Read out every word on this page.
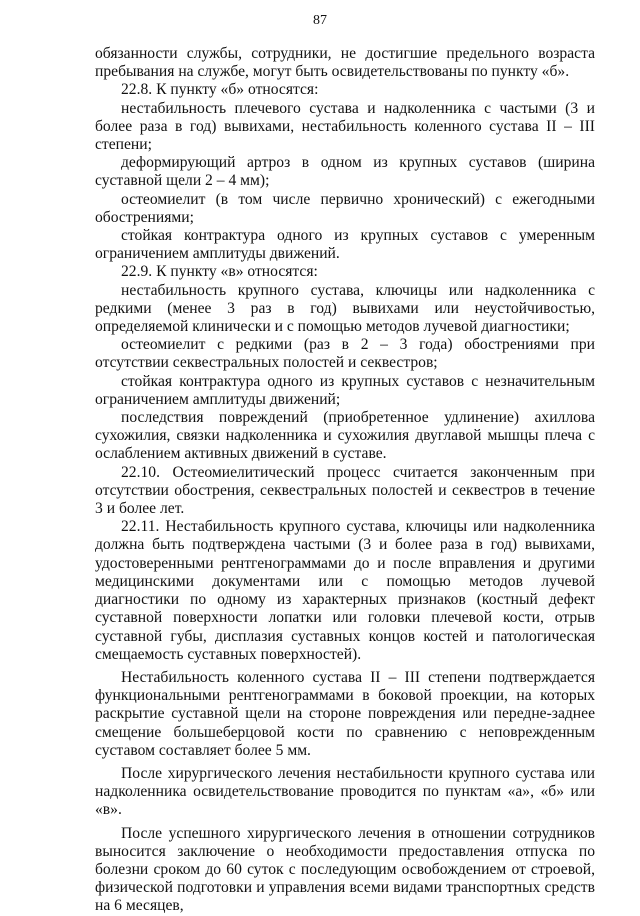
87

обязанности службы, сотрудники, не достигшие предельного возраста пребывания на службе, могут быть освидетельствованы по пункту «б».

22.8. К пункту «б» относятся:

нестабильность плечевого сустава и надколенника с частыми (3 и более раза в год) вывихами, нестабильность коленного сустава II – III степени;

деформирующий артроз в одном из крупных суставов (ширина суставной щели 2 – 4 мм);

остеомиелит (в том числе первично хронический) с ежегодными обострениями;

стойкая контрактура одного из крупных суставов с умеренным ограничением амплитуды движений.

22.9. К пункту «в» относятся:

нестабильность крупного сустава, ключицы или надколенника с редкими (менее 3 раз в год) вывихами или неустойчивостью, определяемой клинически и с помощью методов лучевой диагностики;

остеомиелит с редкими (раз в 2 – 3 года) обострениями при отсутствии секвестральных полостей и секвестров;

стойкая контрактура одного из крупных суставов с незначительным ограничением амплитуды движений;

последствия повреждений (приобретенное удлинение) ахиллова сухожилия, связки надколенника и сухожилия двуглавой мышцы плеча с ослаблением активных движений в суставе.

22.10. Остеомиелитический процесс считается законченным при отсутствии обострения, секвестральных полостей и секвестров в течение 3 и более лет.

22.11. Нестабильность крупного сустава, ключицы или надколенника должна быть подтверждена частыми (3 и более раза в год) вывихами, удостоверенными рентгенограммами до и после вправления и другими медицинскими документами или с помощью методов лучевой диагностики по одному из характерных признаков (костный дефект суставной поверхности лопатки или головки плечевой кости, отрыв суставной губы, дисплазия суставных концов костей и патологическая смещаемость суставных поверхностей).

Нестабильность коленного сустава II – III степени подтверждается функциональными рентгенограммами в боковой проекции, на которых раскрытие суставной щели на стороне повреждения или передне-заднее смещение большеберцовой кости по сравнению с неповрежденным суставом составляет более 5 мм.

После хирургического лечения нестабильности крупного сустава или надколенника освидетельствование проводится по пунктам «а», «б» или «в».

После успешного хирургического лечения в отношении сотрудников выносится заключение о необходимости предоставления отпуска по болезни сроком до 60 суток с последующим освобождением от строевой, физической подготовки и управления всеми видами транспортных средств на 6 месяцев,
